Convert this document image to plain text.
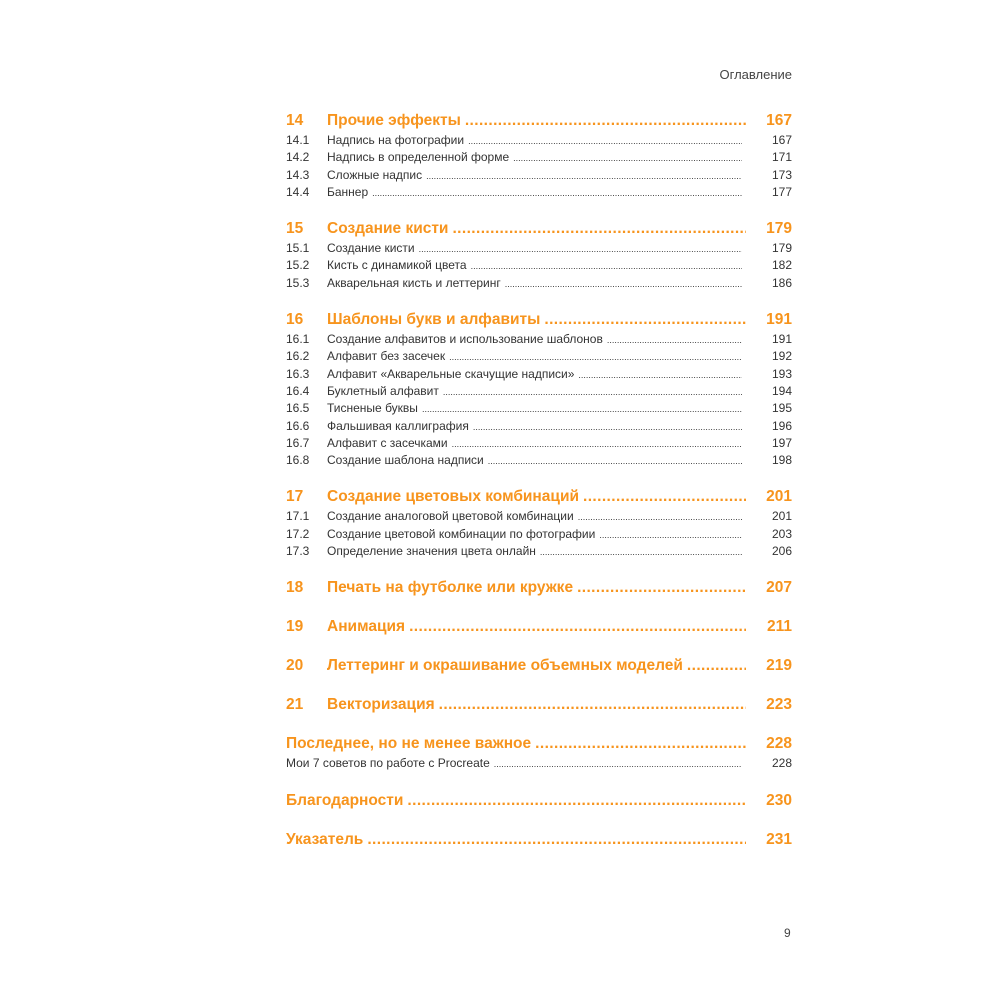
Оглавление
14	Прочие эффекты .....	167
14.1	Надпись на фотографии .....	167
14.2	Надпись в определенной форме .....	171
14.3	Сложные надпис .....	173
14.4	Баннер .....	177
15	Создание кисти .....	179
15.1	Создание кисти .....	179
15.2	Кисть с динамикой цвета .....	182
15.3	Акварельная кисть и леттеринг .....	186
16	Шаблоны букв и алфавиты .....	191
16.1	Создание алфавитов и использование шаблонов .....	191
16.2	Алфавит без засечек .....	192
16.3	Алфавит «Акварельные скачущие надписи» .....	193
16.4	Буклетный алфавит .....	194
16.5	Тисненые буквы .....	195
16.6	Фальшивая каллиграфия .....	196
16.7	Алфавит с засечками .....	197
16.8	Создание шаблона надписи .....	198
17	Создание цветовых комбинаций .....	201
17.1	Создание аналоговой цветовой комбинации .....	201
17.2	Создание цветовой комбинации по фотографии .....	203
17.3	Определение значения цвета онлайн .....	206
18	Печать на футболке или кружке .....	207
19	Анимация .....	211
20	Леттеринг и окрашивание объемных моделей .....	219
21	Векторизация .....	223
Последнее, но не менее важное .....	228
Мои 7 советов по работе с Procreate .....	228
Благодарности .....	230
Указатель .....	231
9
